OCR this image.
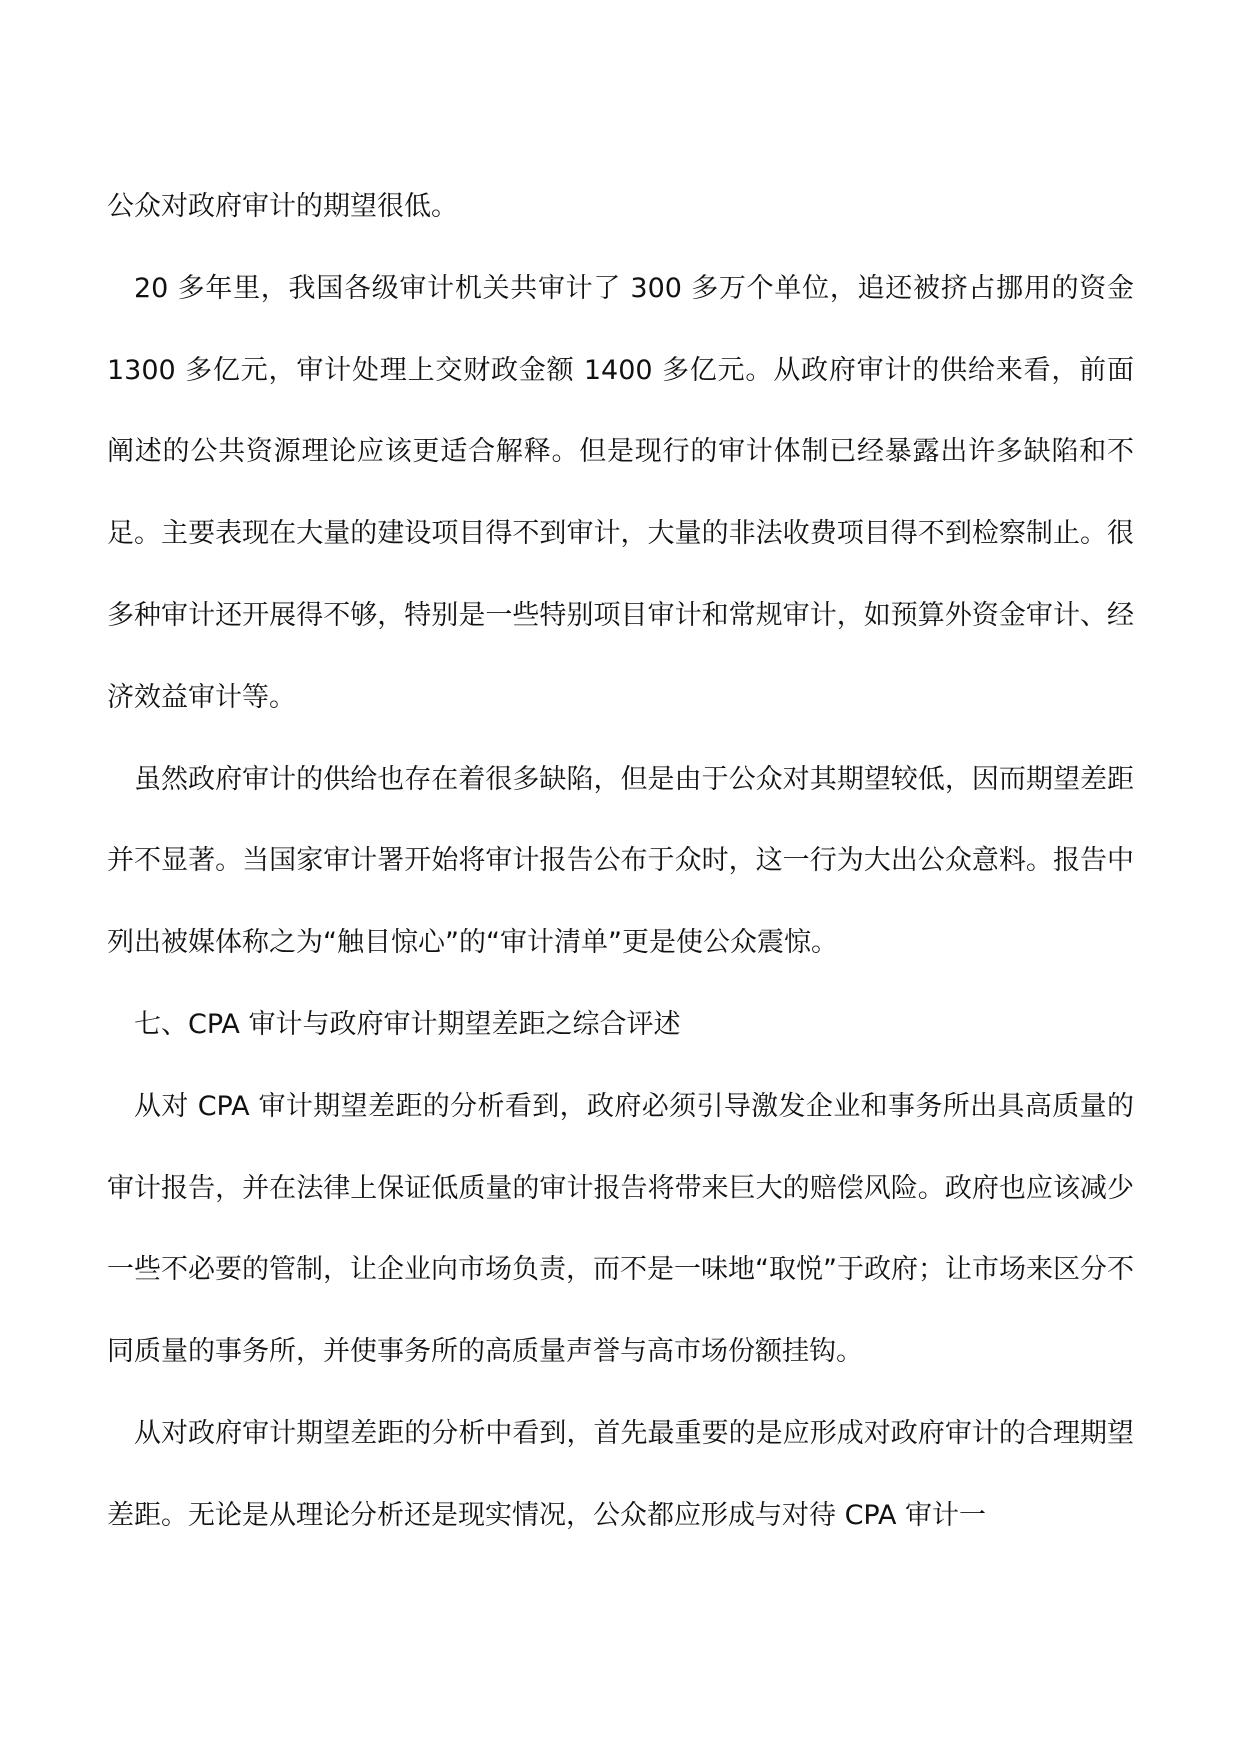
公众对政府审计的期望很低。

20 多年里，我国各级审计机关共审计了 300 多万个单位，追还被挤占挪用的资金 1300 多亿元，审计处理上交财政金额 1400 多亿元。从政府审计的供给来看，前面阐述的公共资源理论应该更适合解释。但是现行的审计体制已经暴露出许多缺陷和不足。主要表现在大量的建设项目得不到审计，大量的非法收费项目得不到检察制止。很多种审计还开展得不够，特别是一些特别项目审计和常规审计，如预算外资金审计、经济效益审计等。

虽然政府审计的供给也存在着很多缺陷，但是由于公众对其期望较低，因而期望差距并不显著。当国家审计署开始将审计报告公布于众时，这一行为大出公众意料。报告中列出被媒体称之为“触目惊心”的“审计清单”更是使公众震惊。

七、CPA 审计与政府审计期望差距之综合评述

从对 CPA 审计期望差距的分析看到，政府必须引导激发企业和事务所出具高质量的审计报告，并在法律上保证低质量的审计报告将带来巨大的赔偿风险。政府也应该减少一些不必要的管制，让企业向市场负责，而不是一味地“取悦”于政府；让市场来区分不同质量的事务所，并使事务所的高质量声誉与高市场份额挂钩。

从对政府审计期望差距的分析中看到，首先最重要的是应形成对政府审计的合理期望差距。无论是从理论分析还是现实情况，公众都应形成与对待 CPA 审计一
